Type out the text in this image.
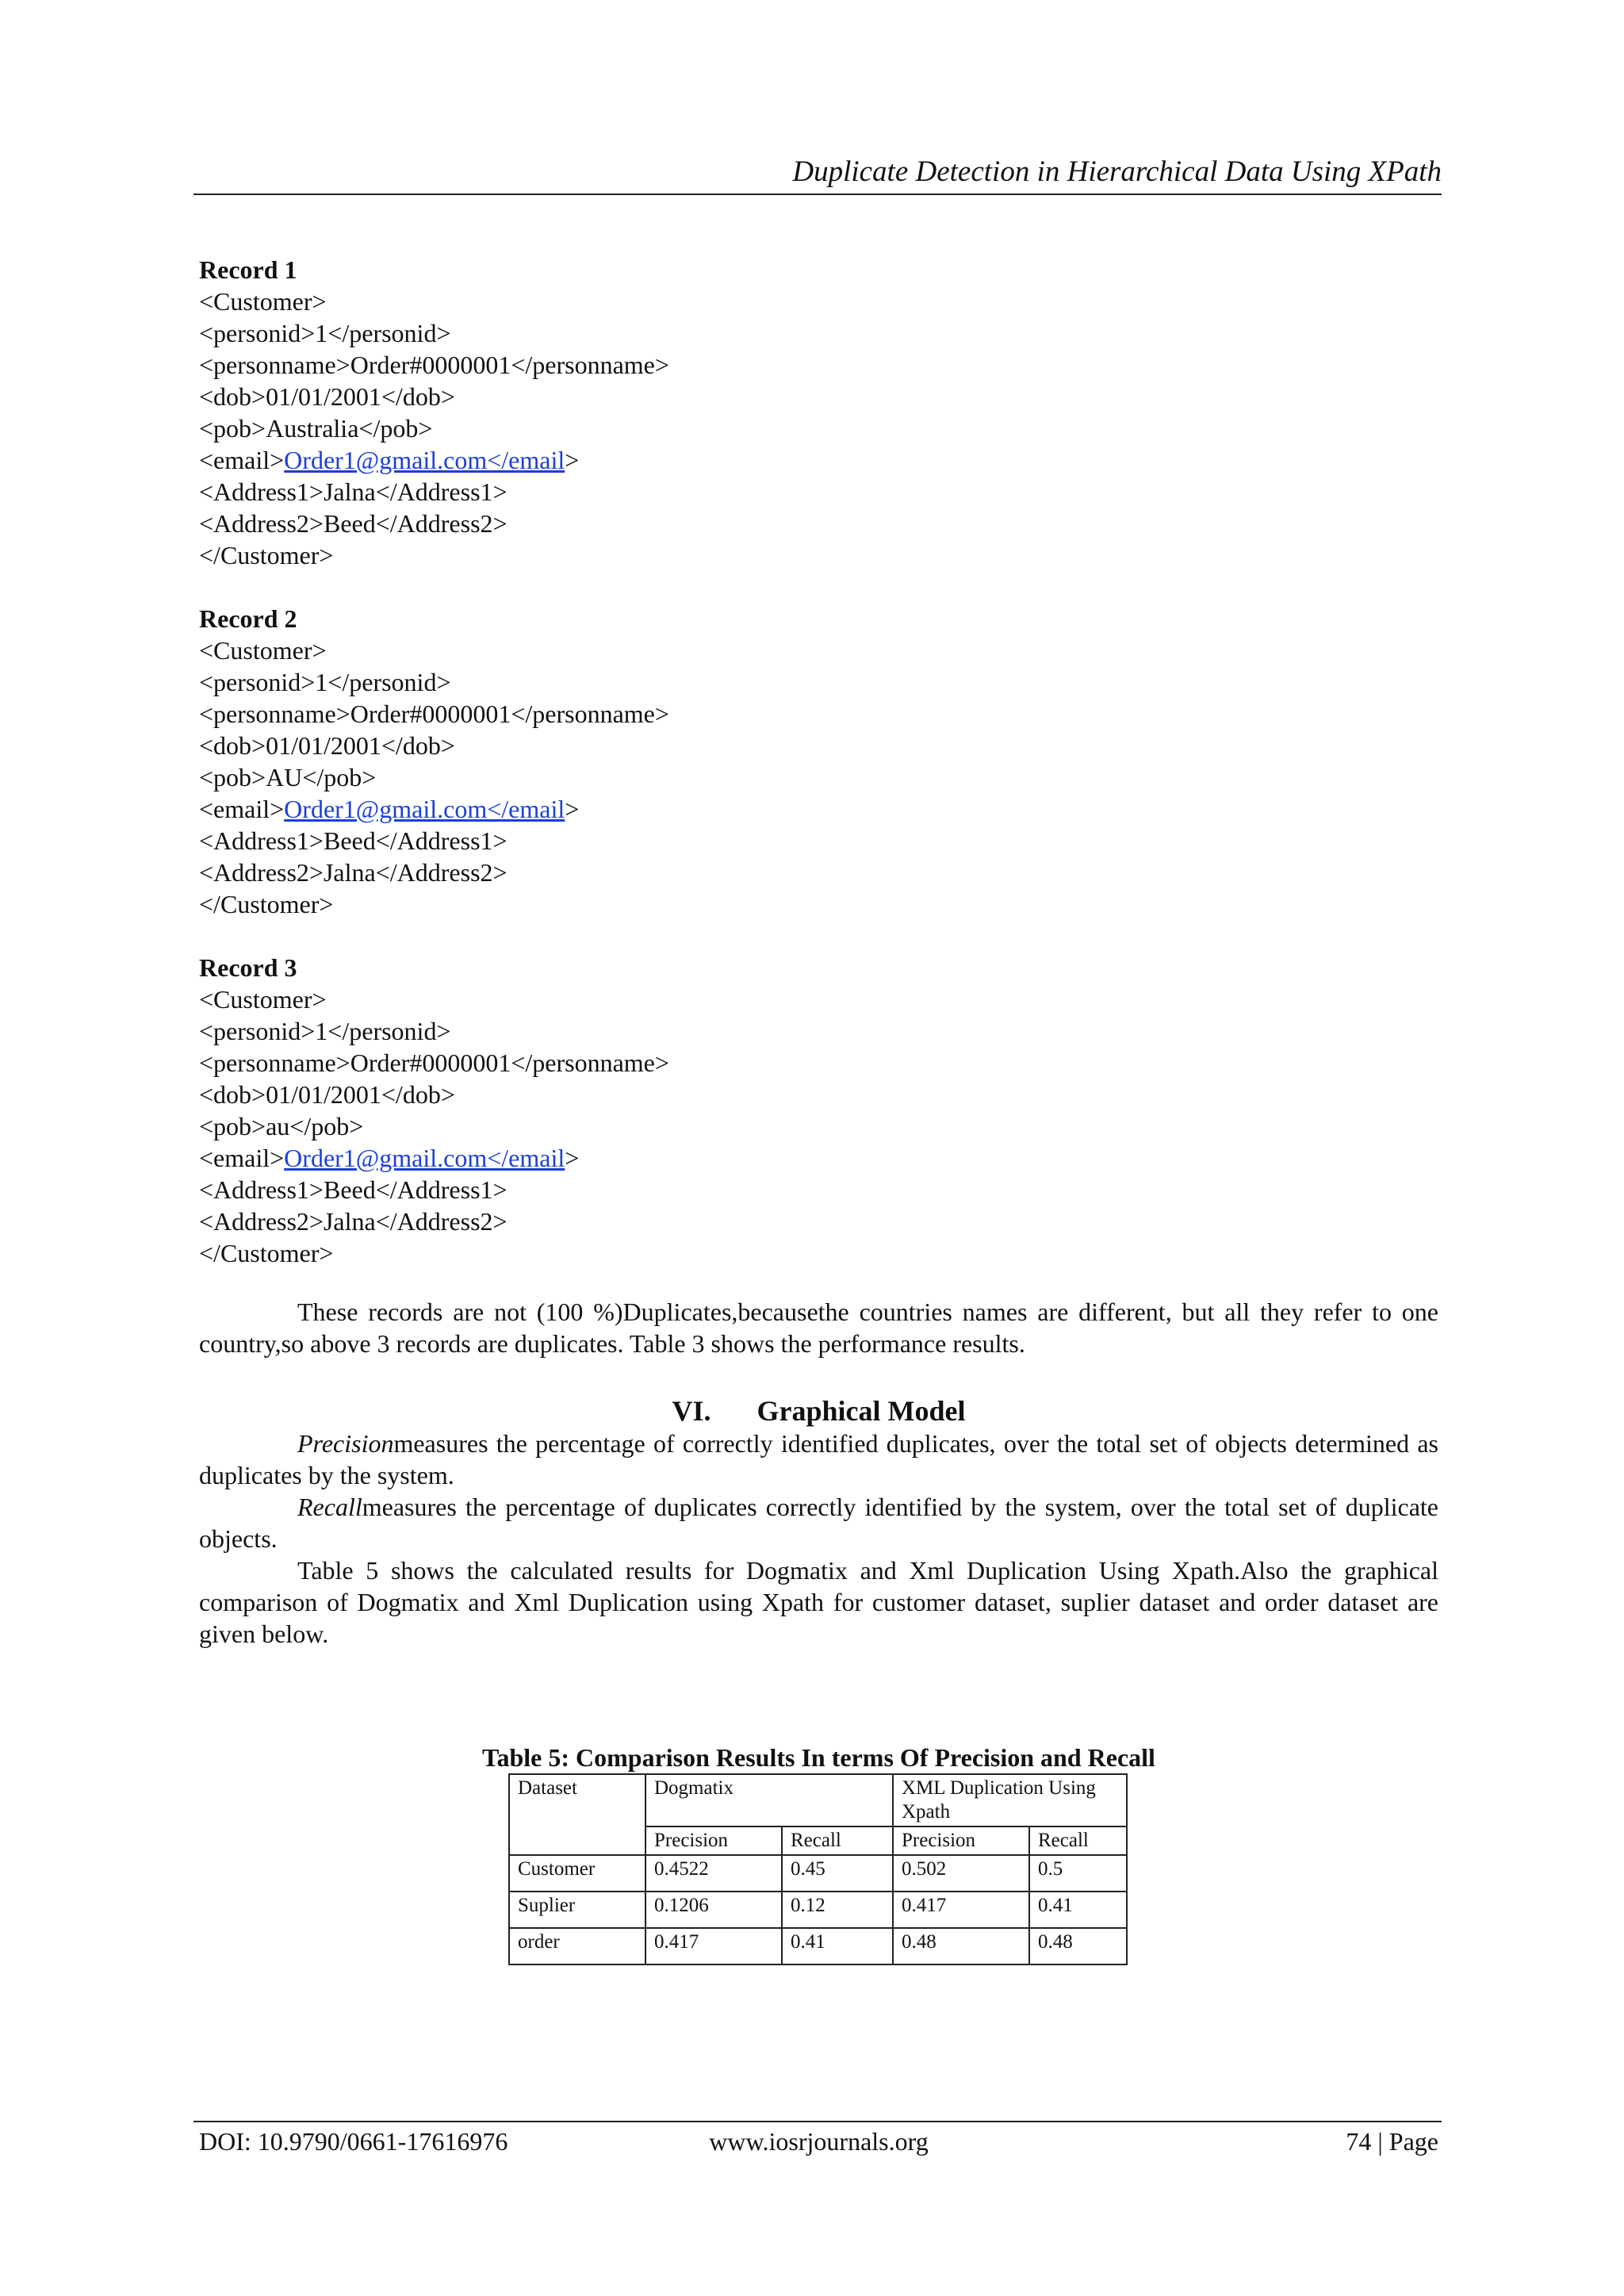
Duplicate Detection in Hierarchical Data Using XPath
Record 1
<Customer>
<personid>1</personid>
<personname>Order#0000001</personname>
<dob>01/01/2001</dob>
<pob>Australia</pob>
<email>Order1@gmail.com</email>
<Address1>Jalna</Address1>
<Address2>Beed</Address2>
</Customer>
Record 2
<Customer>
<personid>1</personid>
<personname>Order#0000001</personname>
<dob>01/01/2001</dob>
<pob>AU</pob>
<email>Order1@gmail.com</email>
<Address1>Beed</Address1>
<Address2>Jalna</Address2>
</Customer>
Record 3
<Customer>
<personid>1</personid>
<personname>Order#0000001</personname>
<dob>01/01/2001</dob>
<pob>au</pob>
<email>Order1@gmail.com</email>
<Address1>Beed</Address1>
<Address2>Jalna</Address2>
</Customer>

These records are not (100 %)Duplicates,becausethe countries names are different, but all they refer to one country,so above 3 records are duplicates. Table 3 shows the performance results.

VI. Graphical Model

Precisionmeasures the percentage of correctly identified duplicates, over the total set of objects determined as duplicates by the system.

Recallmeasures the percentage of duplicates correctly identified by the system, over the total set of duplicate objects.

Table 5 shows the calculated results for Dogmatix and Xml Duplication Using Xpath.Also the graphical comparison of Dogmatix and Xml Duplication using Xpath for customer dataset, suplier dataset and order dataset are given below.

Table 5: Comparison Results In terms Of Precision and Recall
Dataset	Dogmatix		XML Duplication Using Xpath	
	Precision	Recall	Precision	Recall
Customer	0.4522	0.45	0.502	0.5
Suplier	0.1206	0.12	0.417	0.41
order	0.417	0.41	0.48	0.48
DOI: 10.9790/0661-17616976	www.iosrjournals.org	74 | Page
